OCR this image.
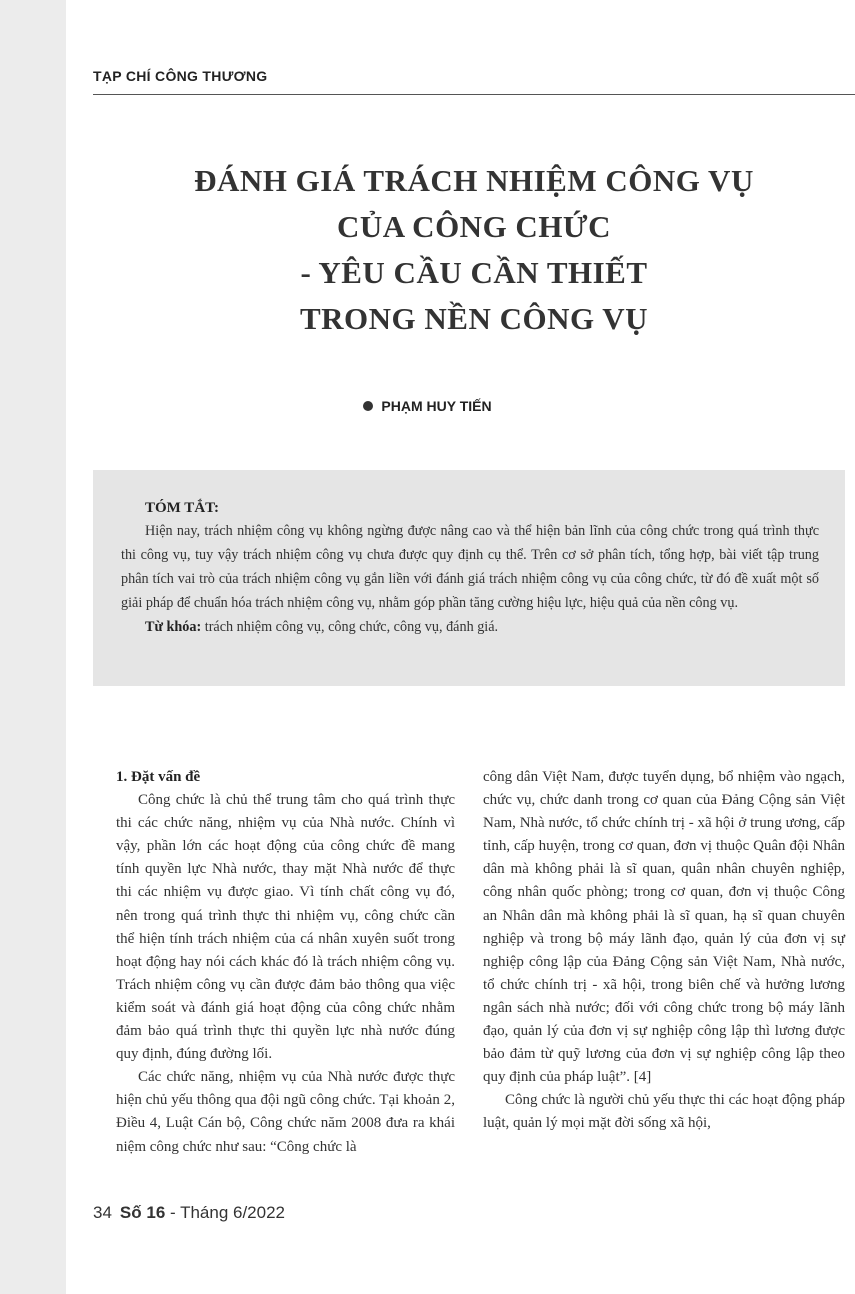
TẠP CHÍ CÔNG THƯƠNG
ĐÁNH GIÁ TRÁCH NHIỆM CÔNG VỤ
CỦA CÔNG CHỨC
- YÊU CẦU CẦN THIẾT
TRONG NỀN CÔNG VỤ
PHẠM HUY TIẾN

TÓM TẮT:

Hiện nay, trách nhiệm công vụ không ngừng được nâng cao và thể hiện bản lĩnh của công chức trong quá trình thực thi công vụ, tuy vậy trách nhiệm công vụ chưa được quy định cụ thể. Trên cơ sở phân tích, tổng hợp, bài viết tập trung phân tích vai trò của trách nhiệm công vụ gắn liền với đánh giá trách nhiệm công vụ của công chức, từ đó đề xuất một số giải pháp để chuẩn hóa trách nhiệm công vụ, nhằm góp phần tăng cường hiệu lực, hiệu quả của nền công vụ.

Từ khóa: trách nhiệm công vụ, công chức, công vụ, đánh giá.

1. Đặt vấn đề

Công chức là chủ thể trung tâm cho quá trình thực thi các chức năng, nhiệm vụ của Nhà nước. Chính vì vậy, phần lớn các hoạt động của công chức đề mang tính quyền lực Nhà nước, thay mặt Nhà nước để thực thi các nhiệm vụ được giao. Vì tính chất công vụ đó, nên trong quá trình thực thi nhiệm vụ, công chức cần thể hiện tính trách nhiệm của cá nhân xuyên suốt trong hoạt động hay nói cách khác đó là trách nhiệm công vụ. Trách nhiệm công vụ cần được đảm bảo thông qua việc kiểm soát và đánh giá hoạt động của công chức nhằm đảm bảo quá trình thực thi quyền lực nhà nước đúng quy định, đúng đường lối.

Các chức năng, nhiệm vụ của Nhà nước được thực hiện chủ yếu thông qua đội ngũ công chức. Tại khoản 2, Điều 4, Luật Cán bộ, Công chức năm 2008 đưa ra khái niệm công chức như sau: “Công chức là

công dân Việt Nam, được tuyển dụng, bổ nhiệm vào ngạch, chức vụ, chức danh trong cơ quan của Đảng Cộng sản Việt Nam, Nhà nước, tổ chức chính trị - xã hội ở trung ương, cấp tỉnh, cấp huyện, trong cơ quan, đơn vị thuộc Quân đội Nhân dân mà không phải là sĩ quan, quân nhân chuyên nghiệp, công nhân quốc phòng; trong cơ quan, đơn vị thuộc Công an Nhân dân mà không phải là sĩ quan, hạ sĩ quan chuyên nghiệp và trong bộ máy lãnh đạo, quản lý của đơn vị sự nghiệp công lập của Đảng Cộng sản Việt Nam, Nhà nước, tổ chức chính trị - xã hội, trong biên chế và hưởng lương ngân sách nhà nước; đối với công chức trong bộ máy lãnh đạo, quản lý của đơn vị sự nghiệp công lập thì lương được bảo đảm từ quỹ lương của đơn vị sự nghiệp công lập theo quy định của pháp luật”. [4]

Công chức là người chủ yếu thực thi các hoạt động pháp luật, quản lý mọi mặt đời sống xã hội,

34 Số 16 - Tháng 6/2022
